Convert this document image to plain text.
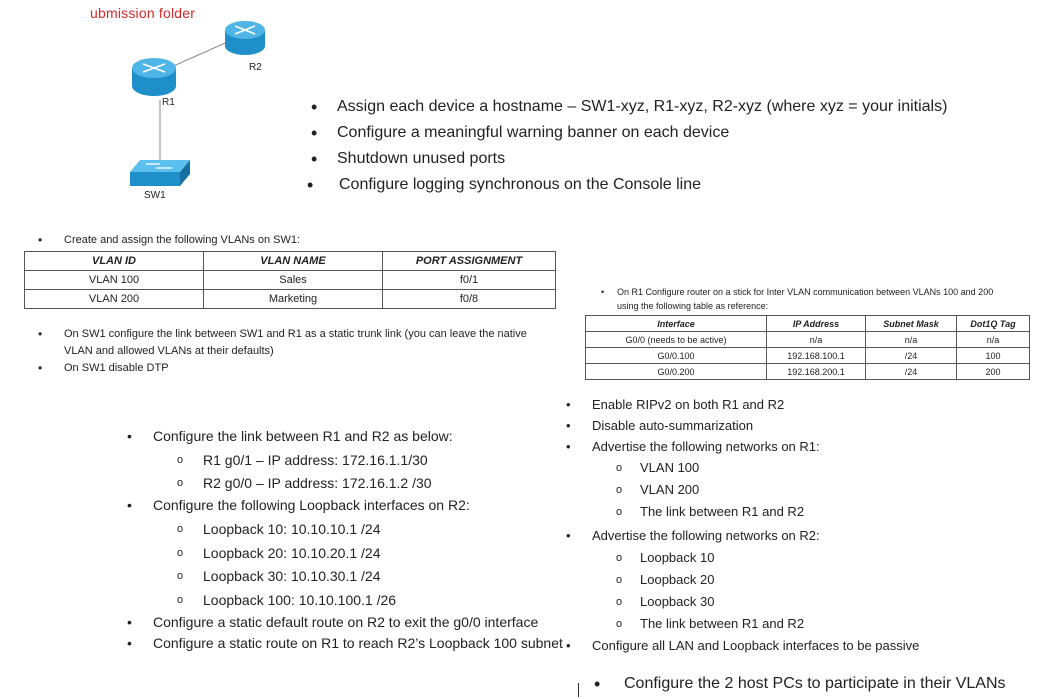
ubmission folder
R2
R1
SW1
• Assign each device a hostname – SW1-xyz, R1-xyz, R2-xyz (where xyz = your initials)
• Configure a meaningful warning banner on each device
• Shutdown unused ports
• Configure logging synchronous on the Console line
• Create and assign the following VLANs on SW1:
VLAN ID	VLAN NAME	PORT ASSIGNMENT
VLAN 100	Sales	f0/1
VLAN 200	Marketing	f0/8
• On SW1 configure the link between SW1 and R1 as a static trunk link (you can leave the native
VLAN and allowed VLANs at their defaults)
• On SW1 disable DTP
• On R1 Configure router on a stick for Inter VLAN communication between VLANs 100 and 200
using the following table as reference:
Interface	IP Address	Subnet Mask	Dot1Q Tag
G0/0 (needs to be active)	n/a	n/a	n/a
G0/0.100	192.168.100.1	/24	100
G0/0.200	192.168.200.1	/24	200
• Configure the link between R1 and R2 as below:
o R1 g0/1 – IP address: 172.16.1.1/30
o R2 g0/0 – IP address: 172.16.1.2 /30
• Configure the following Loopback interfaces on R2:
o Loopback 10: 10.10.10.1 /24
o Loopback 20: 10.10.20.1 /24
o Loopback 30: 10.10.30.1 /24
o Loopback 100: 10.10.100.1 /26
• Configure a static default route on R2 to exit the g0/0 interface
• Configure a static route on R1 to reach R2’s Loopback 100 subnet
• Enable RIPv2 on both R1 and R2
• Disable auto-summarization
• Advertise the following networks on R1:
o VLAN 100
o VLAN 200
o The link between R1 and R2
• Advertise the following networks on R2:
o Loopback 10
o Loopback 20
o Loopback 30
o The link between R1 and R2
• Configure all LAN and Loopback interfaces to be passive
• Configure the 2 host PCs to participate in their VLANs
